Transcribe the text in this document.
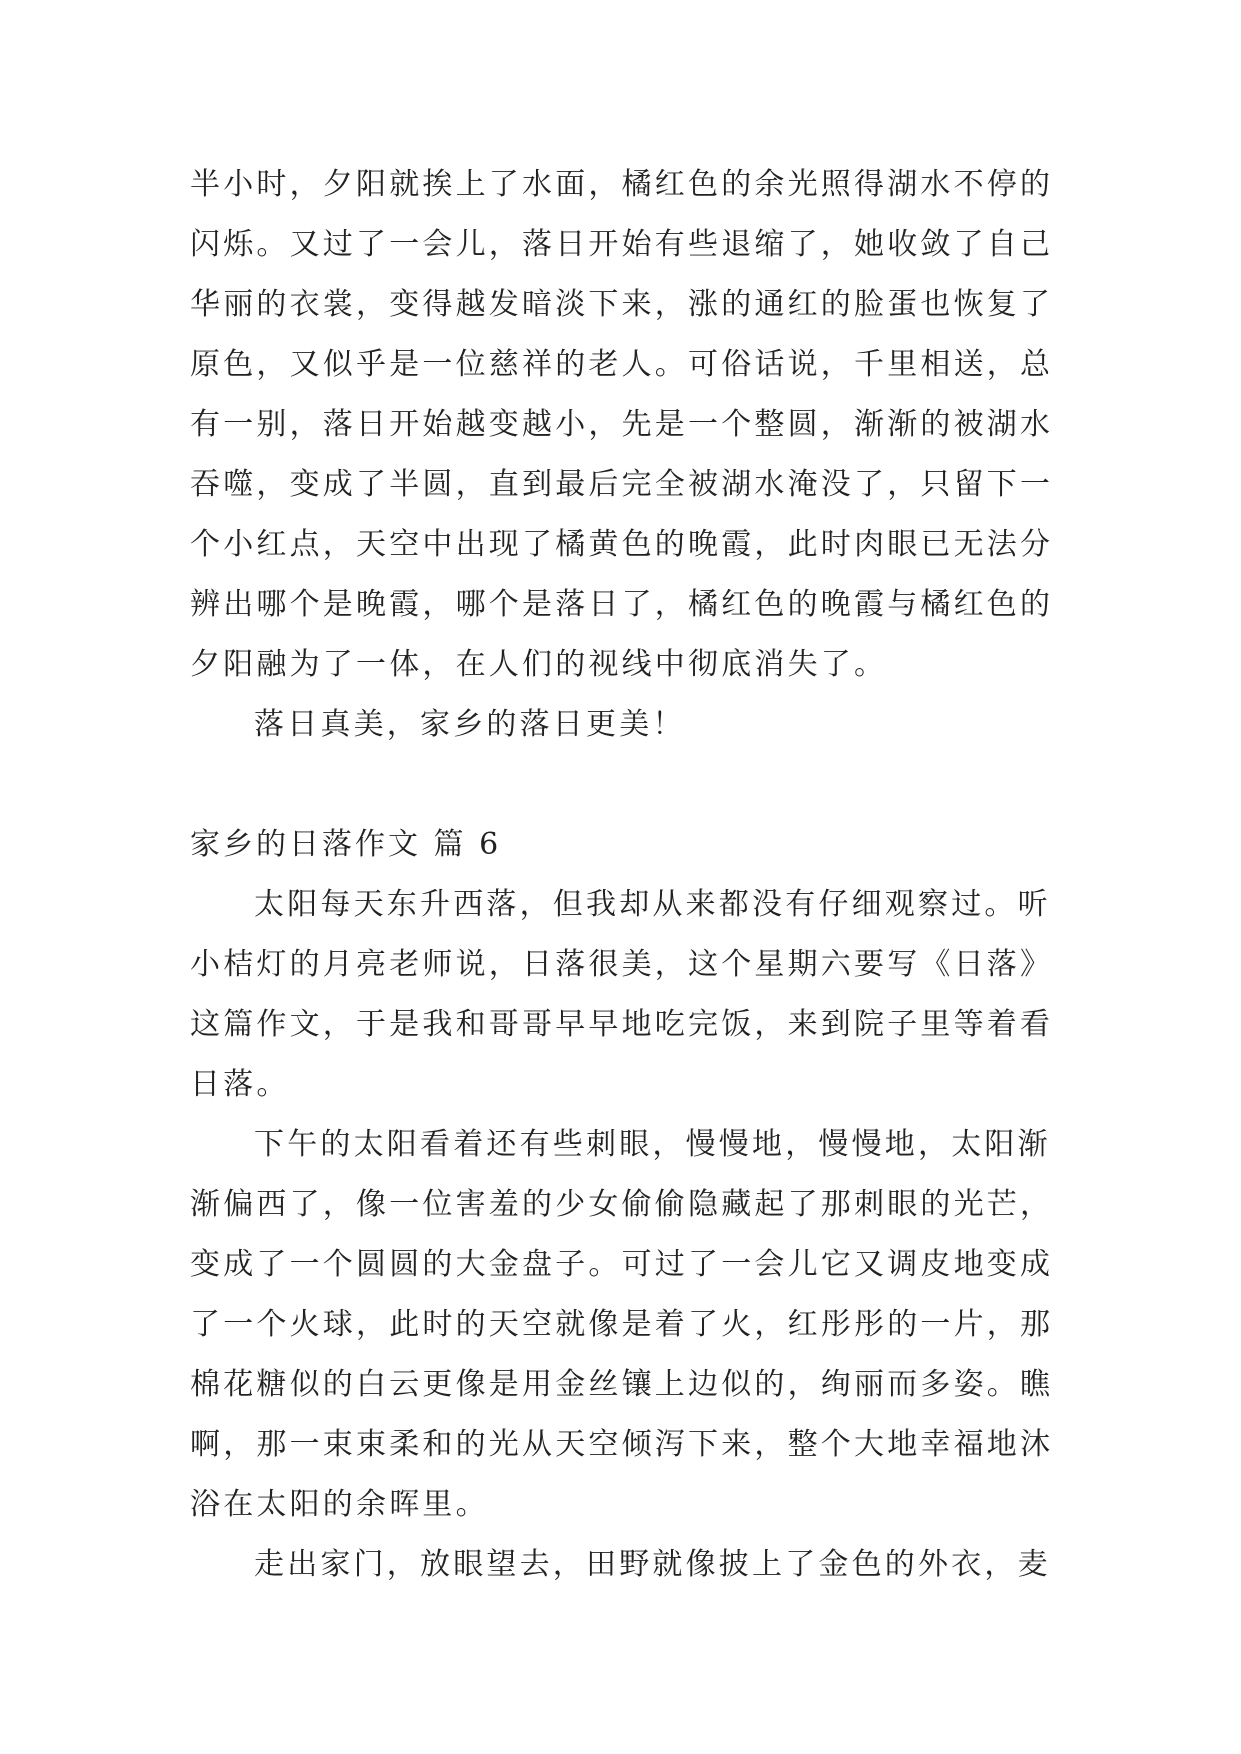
半小时，夕阳就挨上了水面，橘红色的余光照得湖水不停的
闪烁。又过了一会儿，落日开始有些退缩了，她收敛了自己
华丽的衣裳，变得越发暗淡下来，涨的通红的脸蛋也恢复了
原色，又似乎是一位慈祥的老人。可俗话说，千里相送，总
有一别，落日开始越变越小，先是一个整圆，渐渐的被湖水
吞噬，变成了半圆，直到最后完全被湖水淹没了，只留下一
个小红点，天空中出现了橘黄色的晚霞，此时肉眼已无法分
辨出哪个是晚霞，哪个是落日了，橘红色的晚霞与橘红色的
夕阳融为了一体，在人们的视线中彻底消失了。
落日真美，家乡的落日更美！
家乡的日落作文 篇 6
太阳每天东升西落，但我却从来都没有仔细观察过。听
小桔灯的月亮老师说，日落很美，这个星期六要写《日落》
这篇作文，于是我和哥哥早早地吃完饭，来到院子里等着看
日落。
下午的太阳看着还有些刺眼，慢慢地，慢慢地，太阳渐
渐偏西了，像一位害羞的少女偷偷隐藏起了那刺眼的光芒，
变成了一个圆圆的大金盘子。可过了一会儿它又调皮地变成
了一个火球，此时的天空就像是着了火，红彤彤的一片，那
棉花糖似的白云更像是用金丝镶上边似的，绚丽而多姿。瞧
啊，那一束束柔和的光从天空倾泻下来，整个大地幸福地沐
浴在太阳的余晖里。
走出家门，放眼望去，田野就像披上了金色的外衣，麦
